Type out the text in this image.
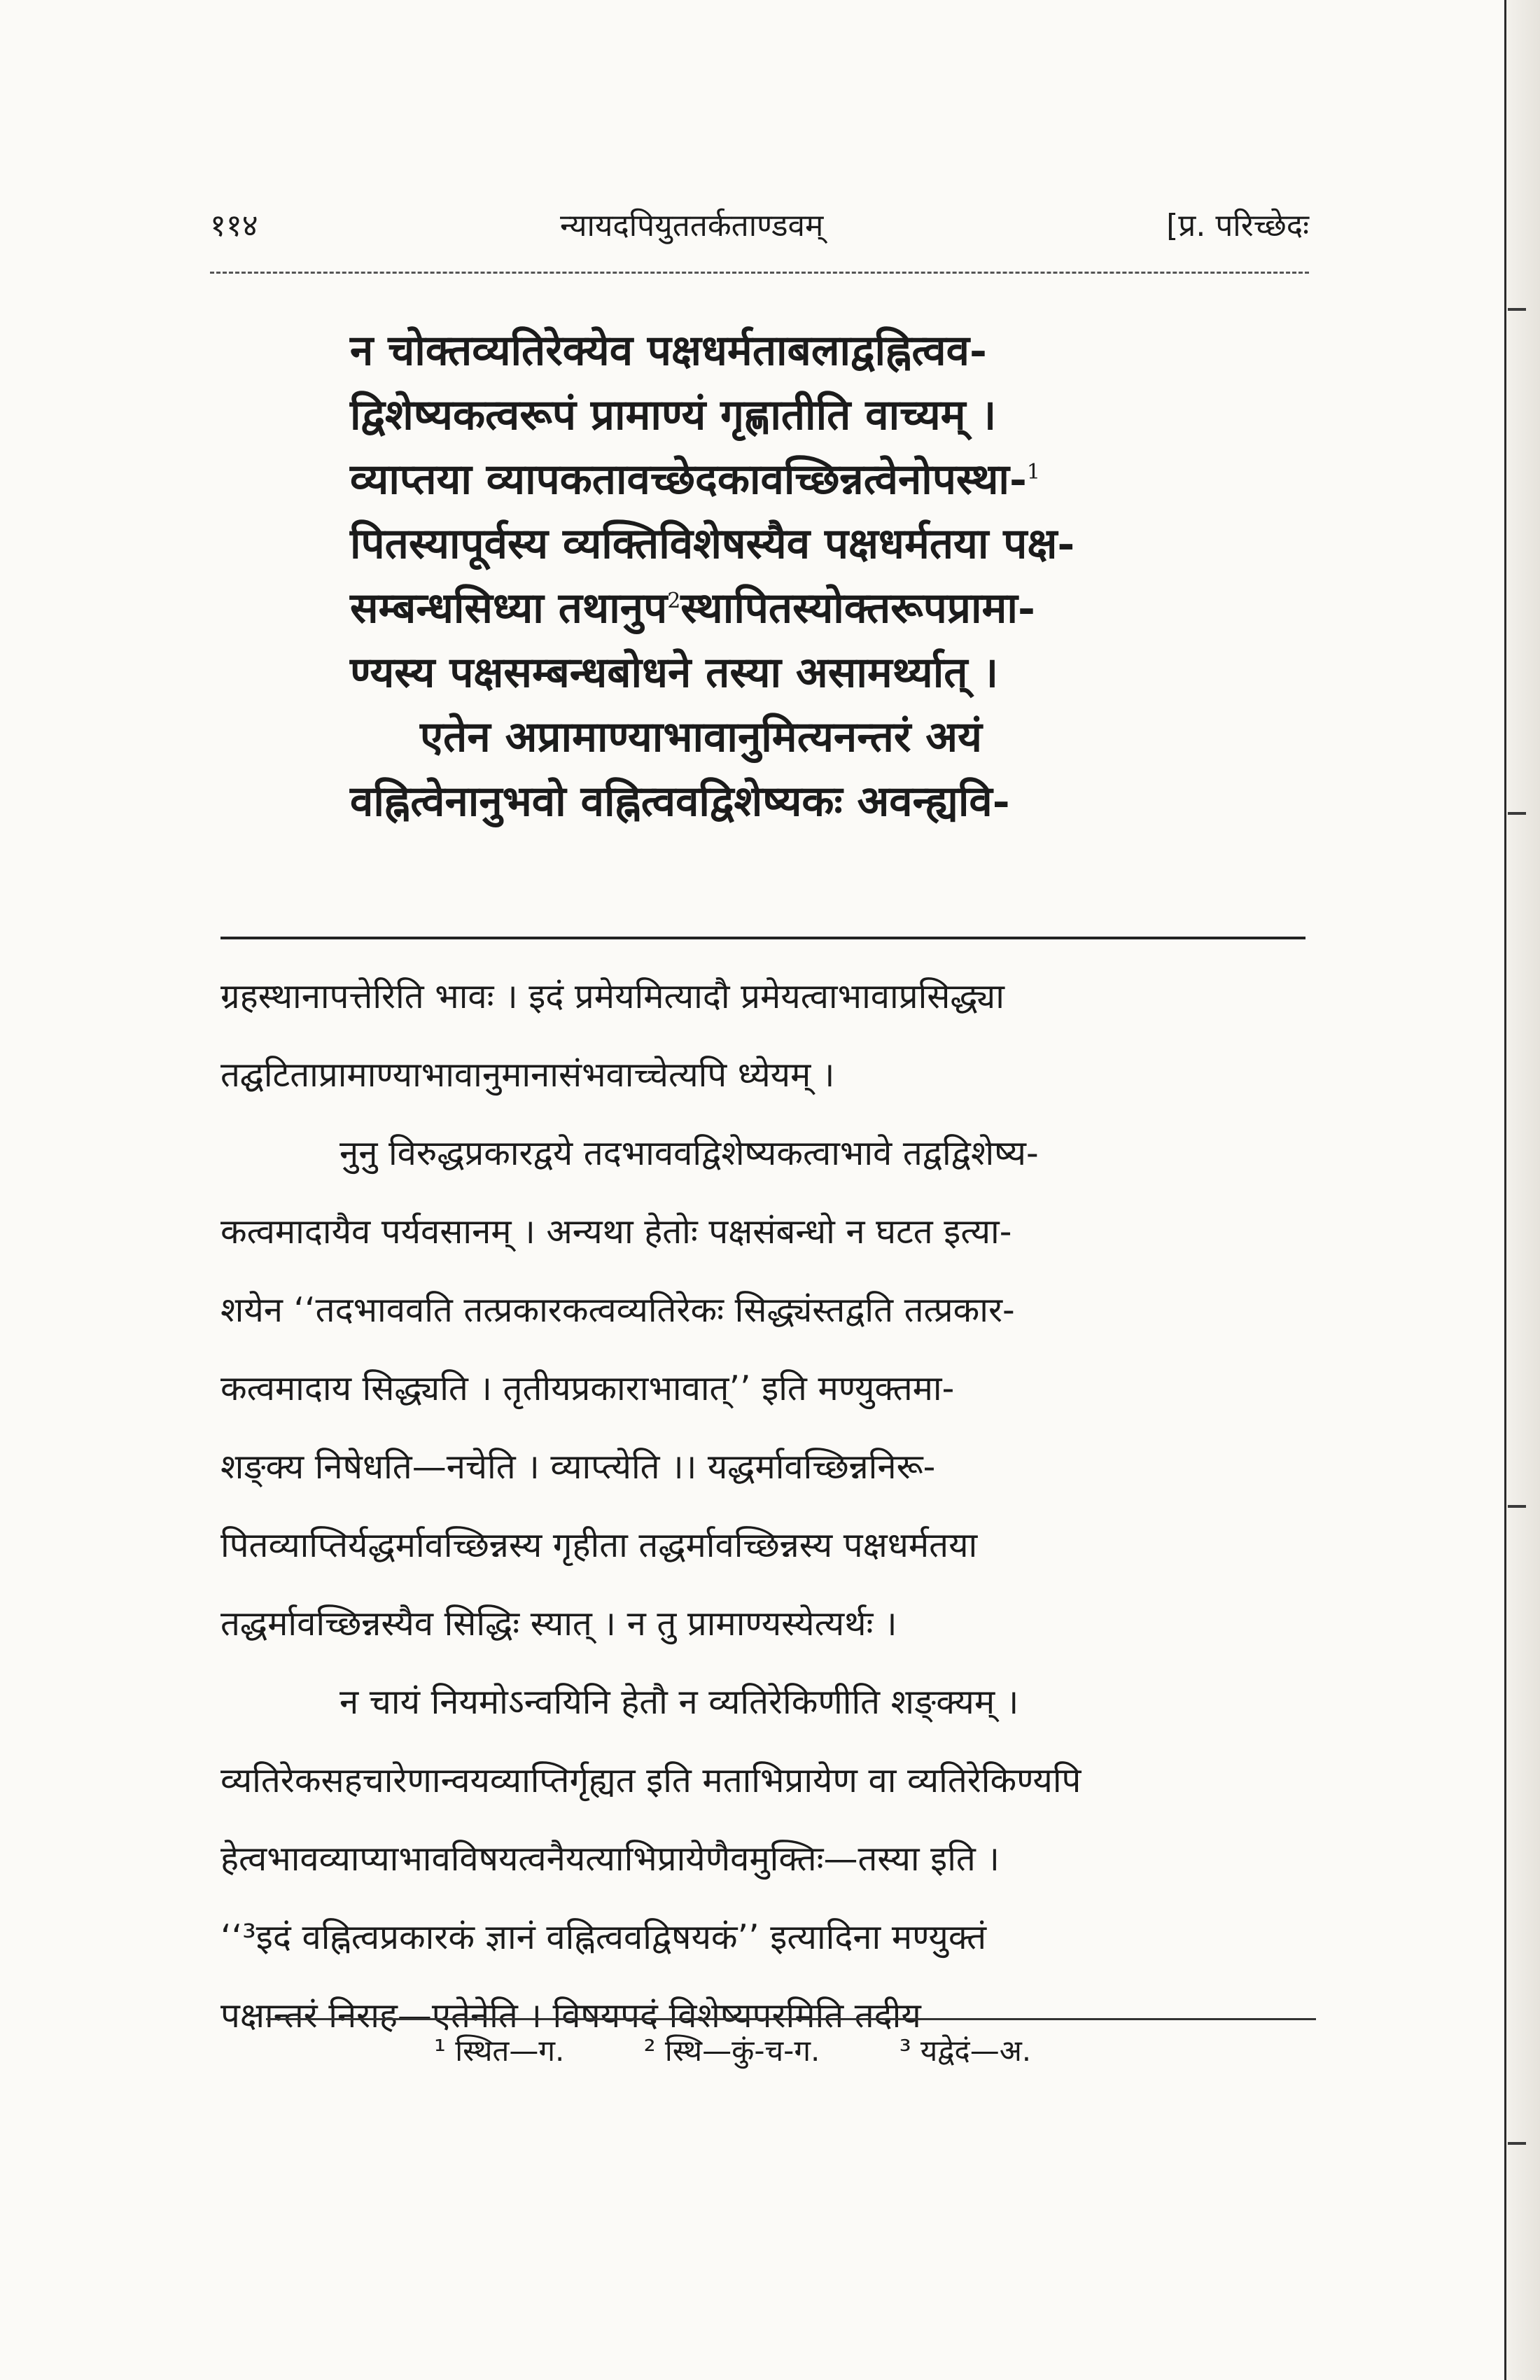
११४	न्यायदपियुततर्कताण्डवम्	[प्र. परिच्छेदः
न चोक्तव्यतिरेक्येव पक्षधर्मताबलाद्वह्नित्वव-
द्विशेष्यकत्वरूपं प्रामाण्यं गृह्णातीति वाच्यम् ।
व्याप्तया व्यापकतावच्छेदकावच्छिन्नत्वेनोपस्था-$^1$
पितस्यापूर्वस्य व्यक्तिविशेषस्यैव पक्षधर्मतया पक्ष-
सम्बन्धसिध्या तथानुप$^2$स्थापितस्योक्तरूपप्रामा-
ण्यस्य पक्षसम्बन्धबोधने तस्या असामर्थ्यात् ।
एतेन अप्रामाण्याभावानुमित्यनन्तरं अयं
वह्नित्वेनानुभवो वह्नित्ववद्विशेष्यकः अवन्ह्यवि-

ग्रहस्थानापत्तेरिति भावः । इदं प्रमेयमित्यादौ प्रमेयत्वाभावाप्रसिद्ध्या

तद्घटिताप्रामाण्याभावानुमानासंभवाच्चेत्यपि ध्येयम् ।

नुनु विरुद्धप्रकारद्वये तदभाववद्विशेष्यकत्वाभावे तद्वद्विशेष्य-

कत्वमादायैव पर्यवसानम् । अन्यथा हेतोः पक्षसंबन्धो न घटत इत्या-

शयेन ‘‘तदभाववति तत्प्रकारकत्वव्यतिरेकः सिद्ध्यंस्तद्वति तत्प्रकार-

कत्वमादाय सिद्ध्यति । तृतीयप्रकाराभावात्’’ इति मण्युक्तमा-

शङ्क्य निषेधति—नचेति । व्याप्त्येति ।। यद्धर्मावच्छिन्ननिरू-

पितव्याप्तिर्यद्धर्मावच्छिन्नस्य गृहीता तद्धर्मावच्छिन्नस्य पक्षधर्मतया

तद्धर्मावच्छिन्नस्यैव सिद्धिः स्यात् । न तु प्रामाण्यस्येत्यर्थः ।

न चायं नियमोऽन्वयिनि हेतौ न व्यतिरेकिणीति शङ्क्यम् ।

व्यतिरेकसहचारेणान्वयव्याप्तिर्गृह्यत इति मताभिप्रायेण वा व्यतिरेकिण्यपि

हेत्वभावव्याप्याभावविषयत्वनैयत्याभिप्रायेणैवमुक्तिः—तस्या इति ।

‘‘³इदं वह्नित्वप्रकारकं ज्ञानं वह्नित्ववद्विषयकं’’ इत्यादिना मण्युक्तं

पक्षान्तरं निराह—एतेनेति । विषयपदं विशेष्यपरमिति तदीय

¹ स्थित—ग.	² स्थि—कुं-च-ग.	³ यद्वेदं—अ.
